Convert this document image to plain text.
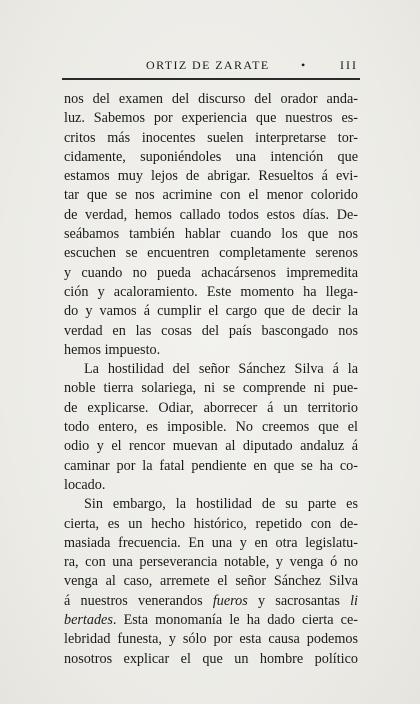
ORTIZ DE ZARATE	•	III
nos del examen del discurso del orador anda-
luz. Sabemos por experiencia que nuestros es-
critos más inocentes suelen interpretarse tor-
cidamente, suponiéndoles una intención que
estamos muy lejos de abrigar. Resueltos á evi-
tar que se nos acrimine con el menor colorido
de verdad, hemos callado todos estos días. De-
seábamos también hablar cuando los que nos
escuchen se encuentren completamente serenos
y cuando no pueda achacársenos impremedita
ción y acaloramiento. Este momento ha llega-
do y vamos á cumplir el cargo que de decir la
verdad en las cosas del país bascongado nos
hemos impuesto.
La hostilidad del señor Sánchez Silva á la
noble tierra solariega, ni se comprende ni pue-
de explicarse. Odiar, aborrecer á un territorio
todo entero, es imposible. No creemos que el
odio y el rencor muevan al diputado andaluz á
caminar por la fatal pendiente en que se ha co-
locado.
Sin embargo, la hostilidad de su parte es
cierta, es un hecho histórico, repetido con de-
masiada frecuencia. En una y en otra legislatu-
ra, con una perseverancia notable, y venga ó no
venga al caso, arremete el señor Sánchez Silva
á nuestros venerandos fueros y sacrosantas li
bertades. Esta monomanía le ha dado cierta ce-
lebridad funesta, y sólo por esta causa podemos
nosotros explicar el que un hombre político
